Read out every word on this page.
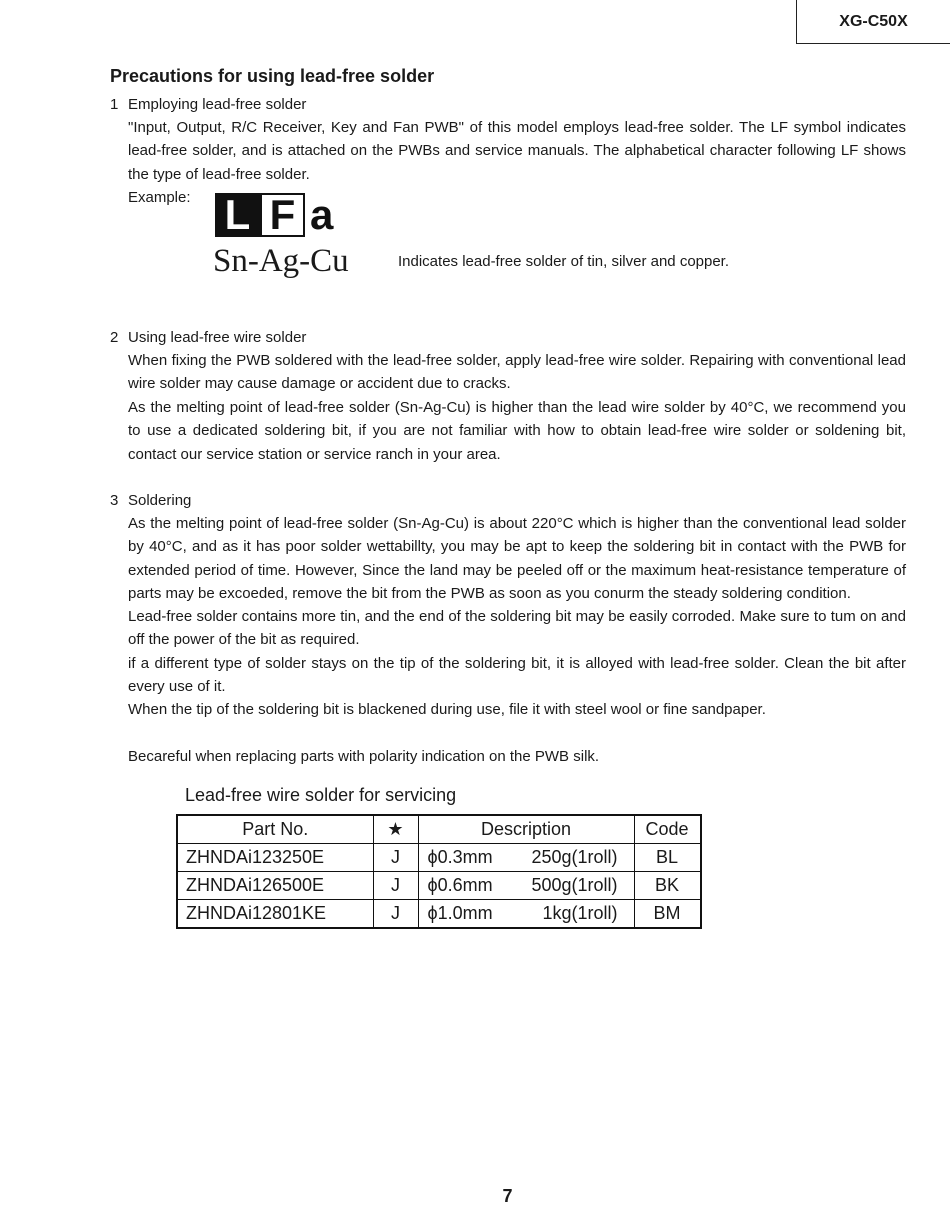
XG-C50X
Precautions for using lead-free solder
1 Employing lead-free solder
"Input, Output, R/C Receiver, Key and Fan PWB" of this model employs lead-free solder. The LF symbol indicates lead-free solder, and is attached on the PWBs and service manuals. The alphabetical character following LF shows the type of lead-free solder.
Example: L F a
Sn-Ag-Cu	Indicates lead-free solder of tin, silver and copper.
2 Using lead-free wire solder
When fixing the PWB soldered with the lead-free solder, apply lead-free wire solder. Repairing with conventional lead wire solder may cause damage or accident due to cracks.
As the melting point of lead-free solder (Sn-Ag-Cu) is higher than the lead wire solder by 40°C, we recommend you to use a dedicated soldering bit, if you are not familiar with how to obtain lead-free wire solder or soldening bit, contact our service station or service ranch in your area.
3 Soldering
As the melting point of lead-free solder (Sn-Ag-Cu) is about 220°C which is higher than the conventional lead solder by 40°C, and as it has poor solder wettabillty, you may be apt to keep the soldering bit in contact with the PWB for extended period of time. However, Since the land may be peeled off or the maximum heat-resistance temperature of parts may be excoeded, remove the bit from the PWB as soon as you conurm the steady soldering condition.
Lead-free solder contains more tin, and the end of the soldering bit may be easily corroded. Make sure to tum on and off the power of the bit as required.
if a different type of solder stays on the tip of the soldering bit, it is alloyed with lead-free solder. Clean the bit after every use of it.
When the tip of the soldering bit is blackened during use, file it with steel wool or fine sandpaper.
Becareful when replacing parts with polarity indication on the PWB silk.
Lead-free wire solder for servicing
Part No.	★	Description	Code
ZHNDAi123250E	J	ϕ0.3mm 250g(1roll)	BL
ZHNDAi126500E	J	ϕ0.6mm 500g(1roll)	BK
ZHNDAi12801KE	J	ϕ1.0mm 1kg(1roll)	BM
7
